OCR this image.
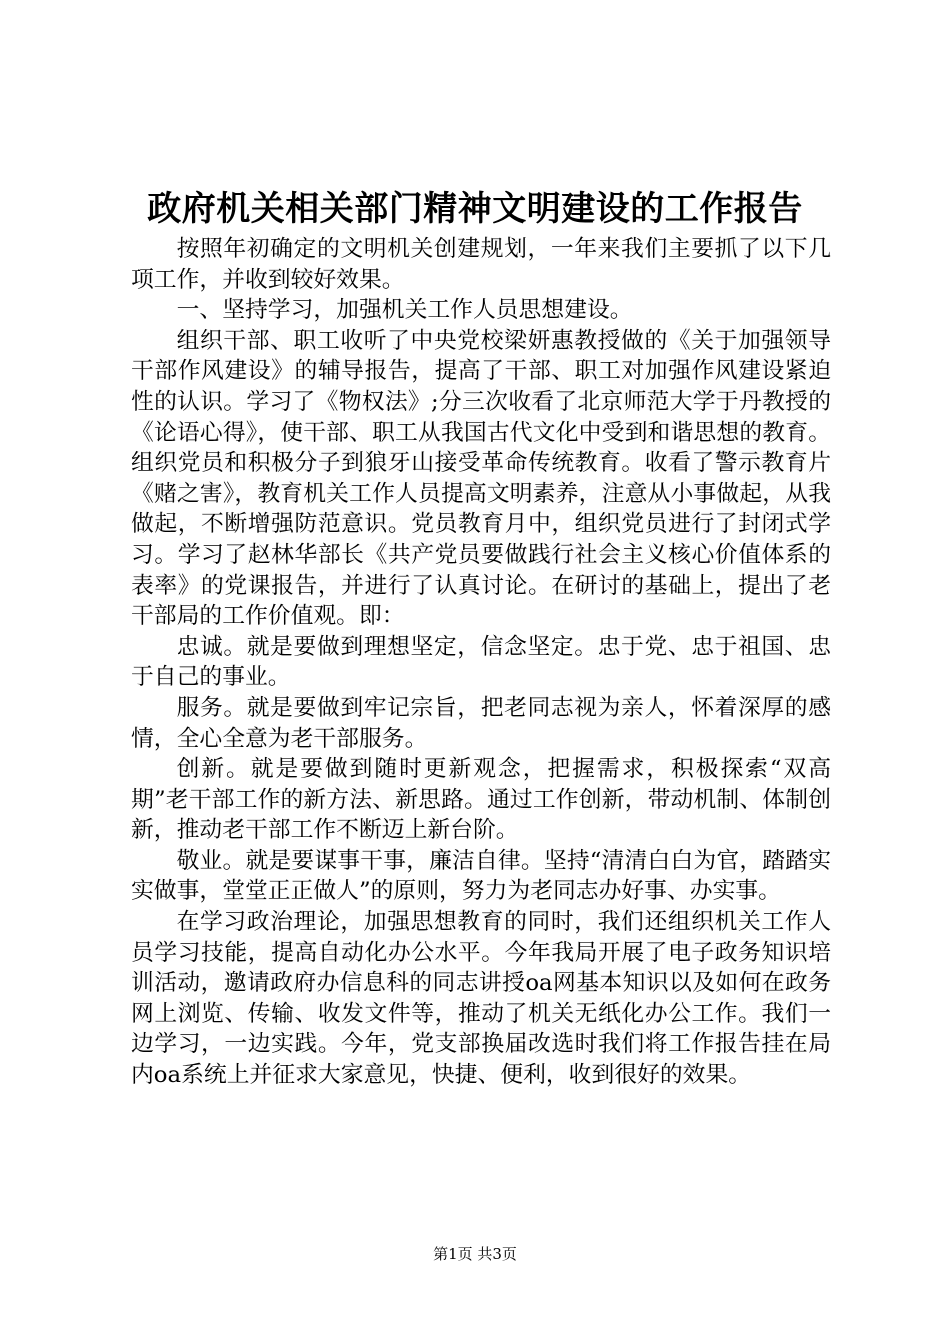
政府机关相关部门精神文明建设的工作报告

按照年初确定的文明机关创建规划，一年来我们主要抓了以下几项工作，并收到较好效果。

一、坚持学习，加强机关工作人员思想建设。

组织干部、职工收听了中央党校梁妍惠教授做的《关于加强领导干部作风建设》的辅导报告，提高了干部、职工对加强作风建设紧迫性的认识。学习了《物权法》;分三次收看了北京师范大学于丹教授的《论语心得》，使干部、职工从我国古代文化中受到和谐思想的教育。组织党员和积极分子到狼牙山接受革命传统教育。收看了警示教育片《赌之害》，教育机关工作人员提高文明素养，注意从小事做起，从我做起，不断增强防范意识。党员教育月中，组织党员进行了封闭式学习。学习了赵林华部长《共产党员要做践行社会主义核心价值体系的表率》的党课报告，并进行了认真讨论。在研讨的基础上，提出了老干部局的工作价值观。即：

忠诚。就是要做到理想坚定，信念坚定。忠于党、忠于祖国、忠于自己的事业。

服务。就是要做到牢记宗旨，把老同志视为亲人，怀着深厚的感情，全心全意为老干部服务。

创新。就是要做到随时更新观念，把握需求，积极探索“双高期”老干部工作的新方法、新思路。通过工作创新，带动机制、体制创新，推动老干部工作不断迈上新台阶。

敬业。就是要谋事干事，廉洁自律。坚持“清清白白为官，踏踏实实做事，堂堂正正做人”的原则，努力为老同志办好事、办实事。

在学习政治理论，加强思想教育的同时，我们还组织机关工作人员学习技能，提高自动化办公水平。今年我局开展了电子政务知识培训活动，邀请政府办信息科的同志讲授oa网基本知识以及如何在政务网上浏览、传输、收发文件等，推动了机关无纸化办公工作。我们一边学习，一边实践。今年，党支部换届改选时我们将工作报告挂在局内oa系统上并征求大家意见，快捷、便利，收到很好的效果。

第1页 共3页
